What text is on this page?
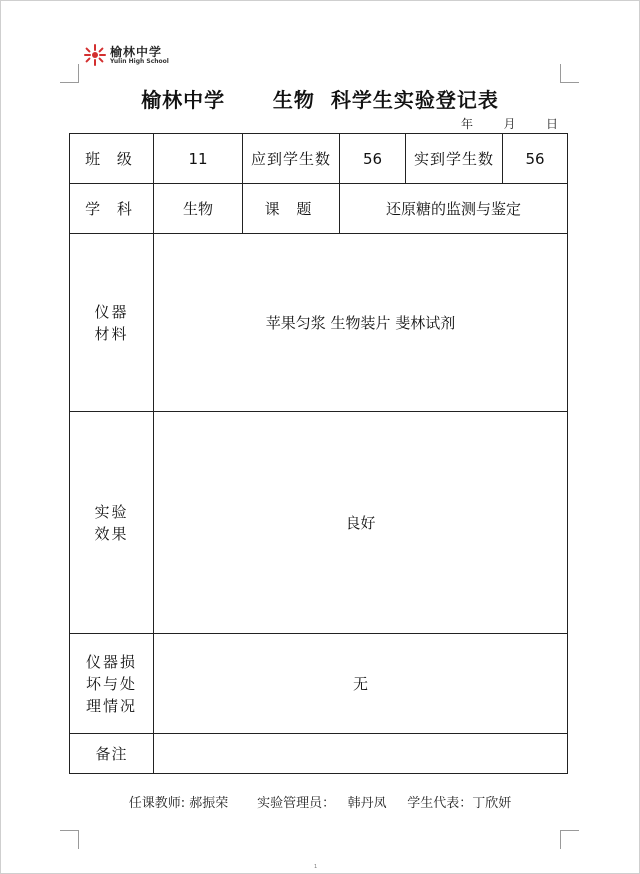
榆林中学
Yulin High School
榆林中学      生物  科学生实验登记表
年        月        日
班 级	11	应到学生数	56	实到学生数	56
学 科	生物	课 题	还原糖的监测与鉴定		
仪器
材料	苹果匀浆 生物装片 斐林试剂				
实验
效果	良好				
仪器损
坏与处
理情况	无				
备注					
任课教师: 郝振荣 实验管理员： 韩丹凤 学生代表：丁欣妍
1
